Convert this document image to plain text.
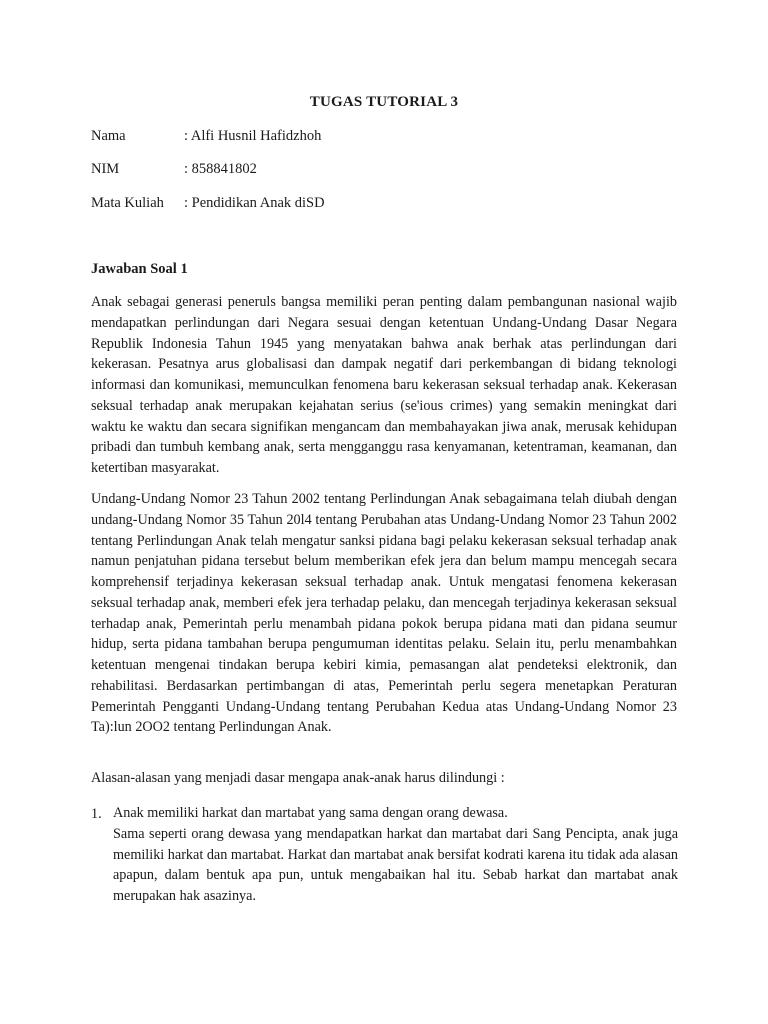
TUGAS TUTORIAL 3
Nama	: Alfi Husnil Hafidzhoh
NIM	: 858841802
Mata Kuliah : Pendidikan Anak diSD
Jawaban Soal 1

Anak sebagai generasi peneruls bangsa memiliki peran penting dalam pembangunan nasional wajib mendapatkan perlindungan dari Negara sesuai dengan ketentuan Undang-Undang Dasar Negara Republik Indonesia Tahun 1945 yang menyatakan bahwa anak berhak atas perlindungan dari kekerasan. Pesatnya arus globalisasi dan dampak negatif dari perkembangan di bidang teknologi informasi dan komunikasi, memunculkan fenomena baru kekerasan seksual terhadap anak. Kekerasan seksual terhadap anak merupakan kejahatan serius (se'ious crimes) yang semakin meningkat dari waktu ke waktu dan secara signifikan mengancam dan membahayakan jiwa anak, merusak kehidupan pribadi dan tumbuh kembang anak, serta mengganggu rasa kenyamanan, ketentraman, keamanan, dan ketertiban masyarakat.

Undang-Undang Nomor 23 Tahun 2002 tentang Perlindungan Anak sebagaimana telah diubah dengan undang-Undang Nomor 35 Tahun 20l4 tentang Perubahan atas Undang-Undang Nomor 23 Tahun 2002 tentang Perlindungan Anak telah mengatur sanksi pidana bagi pelaku kekerasan seksual terhadap anak namun penjatuhan pidana tersebut belum memberikan efek jera dan belum mampu mencegah secara komprehensif terjadinya kekerasan seksual terhadap anak. Untuk mengatasi fenomena kekerasan seksual terhadap anak, memberi efek jera terhadap pelaku, dan mencegah terjadinya kekerasan seksual terhadap anak, Pemerintah perlu menambah pidana pokok berupa pidana mati dan pidana seumur hidup, serta pidana tambahan berupa pengumuman identitas pelaku. Selain itu, perlu menambahkan ketentuan mengenai tindakan berupa kebiri kimia, pemasangan alat pendeteksi elektronik, dan rehabilitasi. Berdasarkan pertimbangan di atas, Pemerintah perlu segera menetapkan Peraturan Pemerintah Pengganti Undang-Undang tentang Perubahan Kedua atas Undang-Undang Nomor 23 Ta):lun 2OO2 tentang Perlindungan Anak.

Alasan-alasan yang menjadi dasar mengapa anak-anak harus dilindungi :

1. Anak memiliki harkat dan martabat yang sama dengan orang dewasa.
Sama seperti orang dewasa yang mendapatkan harkat dan martabat dari Sang Pencipta, anak juga memiliki harkat dan martabat. Harkat dan martabat anak bersifat kodrati karena itu tidak ada alasan apapun, dalam bentuk apa pun, untuk mengabaikan hal itu. Sebab harkat dan martabat anak merupakan hak asazinya.
